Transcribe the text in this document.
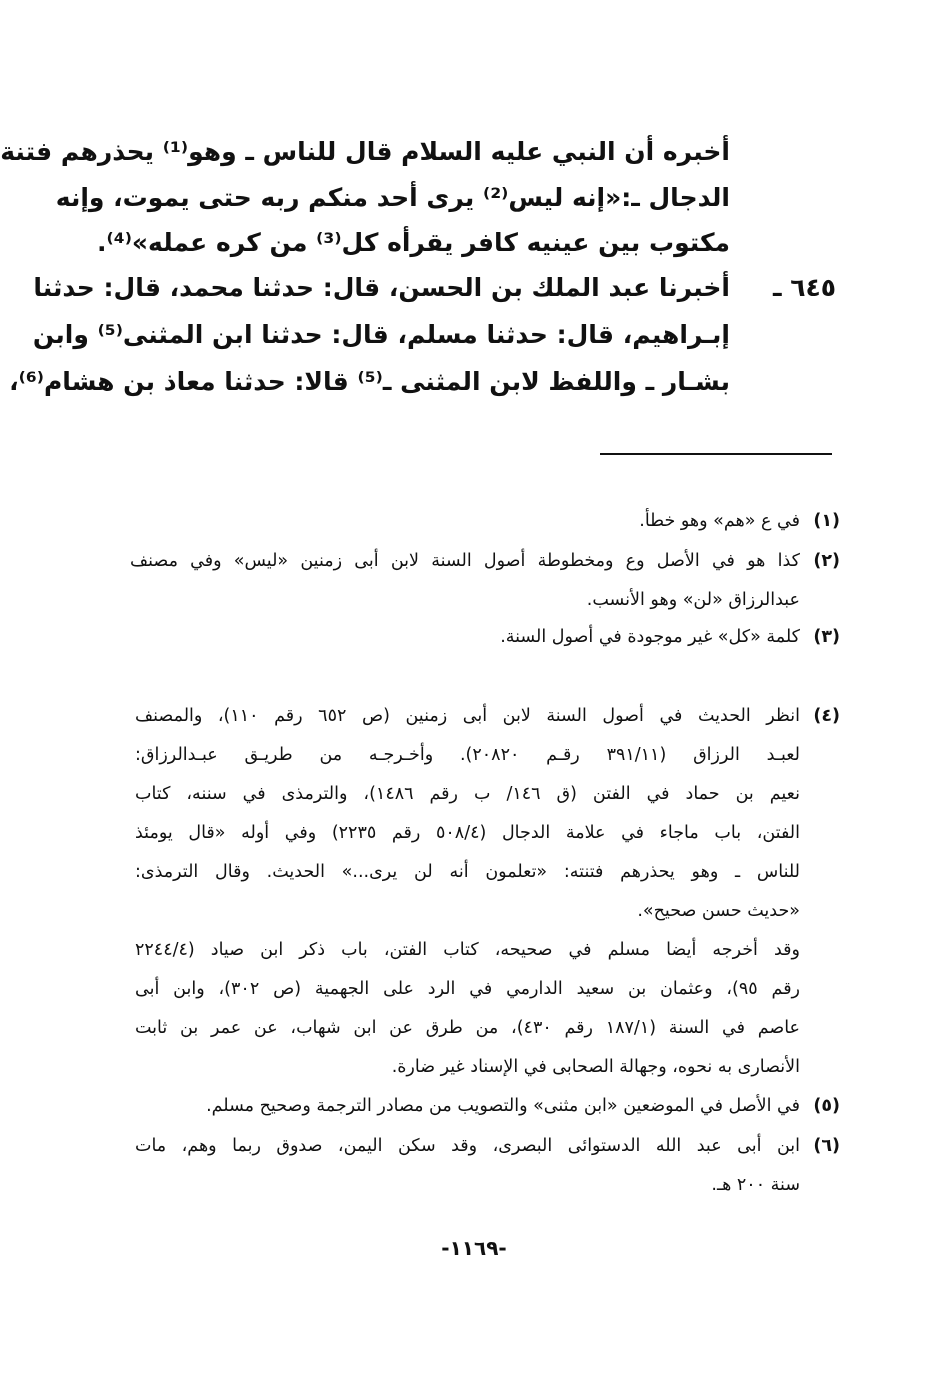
أخبره أن النبي عليه السلام قال للناس ـ وهو⁽¹⁾ يحذرهم فتنة
الدجال ـ:«إنه ليس⁽²⁾ يرى أحد منكم ربه حتى يموت، وإنه
مكتوب بين عينيه كافر يقرأه كل⁽³⁾ من كره عمله»⁽⁴⁾.
٦٤٥ ـ
أخبرنا عبد الملك بن الحسن، قال: حدثنا محمد، قال: حدثنا
إبـراهيم، قال: حدثنا مسلم، قال: حدثنا ابن المثنى⁽⁵⁾ وابن
بشـار ـ واللفظ لابن المثنى ـ⁽⁵⁾ قالا: حدثنا معاذ بن هشام⁽⁶⁾،
(١)
في ع «هم» وهو خطأ.
(٢)
كذا هو في الأصل وع ومخطوطة أصول السنة لابن أبى زمنين «ليس» وفي مصنف
عبدالرزاق «لن» وهو الأنسب.
(٣)
كلمة «كل» غير موجودة في أصول السنة.
(٤)
انظر الحديث في أصول السنة لابن أبى زمنين (ص ٦٥٢ رقم ١١٠)، والمصنف
لعبـد الرزاق (٣٩١/١١ رقـم ٢٠٨٢٠). وأخـرجـه من طريـق عبـدالرزاق:
نعيم بن حماد في الفتن (ق ١٤٦/ ب رقم ١٤٨٦)، والترمذى في سننه، كتاب
الفتن، باب ماجاء في علامة الدجال (٥٠٨/٤ رقم ٢٢٣٥) وفي أوله «قال يومئذ
للناس ـ وهو يحذرهم فتنته: «تعلمون أنه لن يرى...» الحديث. وقال الترمذى:
«حديث حسن صحيح».
وقد أخرجه أيضا مسلم في صحيحه، كتاب الفتن، باب ذكر ابن صياد (٢٢٤٤/٤
رقم ٩٥)، وعثمان بن سعيد الدارمي في الرد على الجهمية (ص ٣٠٢)، وابن أبى
عاصم في السنة (١٨٧/١ رقم ٤٣٠)، من طرق عن ابن شهاب، عن عمر بن ثابت
الأنصارى به نحوه، وجهالة الصحابى في الإسناد غير ضارة.
(٥)
في الأصل في الموضعين «ابن مثنى» والتصويب من مصادر الترجمة وصحيح مسلم.
(٦)
ابن أبى عبد الله الدستوائى البصرى، وقد سكن اليمن، صدوق ربما وهم، مات
سنة ٢٠٠ هـ.
-١١٦٩-
